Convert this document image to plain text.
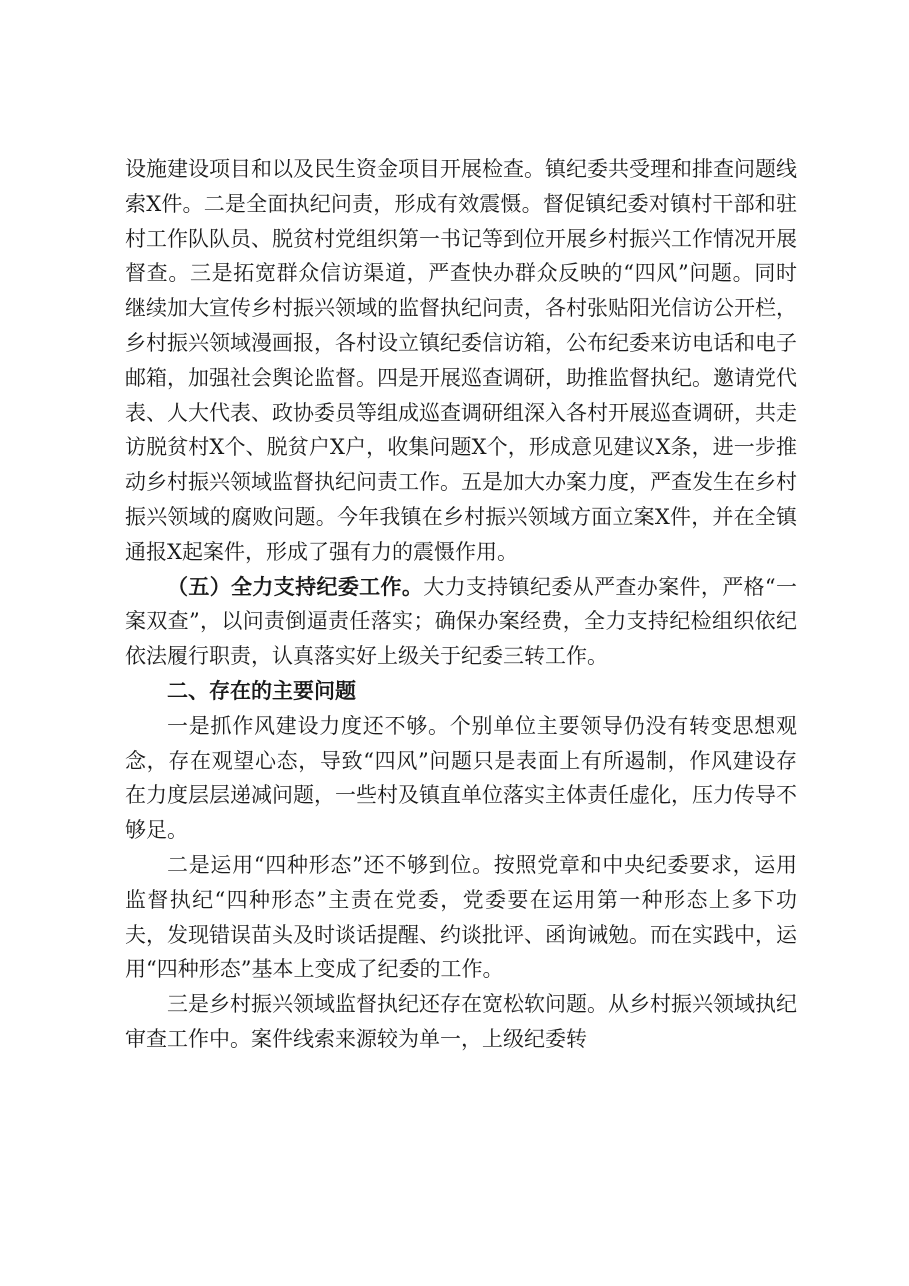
设施建设项目和以及民生资金项目开展检查。镇纪委共受理和排查问题线索X件。二是全面执纪问责，形成有效震慑。督促镇纪委对镇村干部和驻村工作队队员、脱贫村党组织第一书记等到位开展乡村振兴工作情况开展督查。三是拓宽群众信访渠道，严查快办群众反映的“四风”问题。同时继续加大宣传乡村振兴领域的监督执纪问责，各村张贴阳光信访公开栏，乡村振兴领域漫画报，各村设立镇纪委信访箱，公布纪委来访电话和电子邮箱，加强社会舆论监督。四是开展巡查调研，助推监督执纪。邀请党代表、人大代表、政协委员等组成巡查调研组深入各村开展巡查调研，共走访脱贫村X个、脱贫户X户，收集问题X个，形成意见建议X条，进一步推动乡村振兴领域监督执纪问责工作。五是加大办案力度，严查发生在乡村振兴领域的腐败问题。今年我镇在乡村振兴领域方面立案X件，并在全镇通报X起案件，形成了强有力的震慑作用。

（五）全力支持纪委工作。大力支持镇纪委从严查办案件，严格“一案双查”，以问责倒逼责任落实；确保办案经费，全力支持纪检组织依纪依法履行职责，认真落实好上级关于纪委三转工作。

二、存在的主要问题

一是抓作风建设力度还不够。个别单位主要领导仍没有转变思想观念，存在观望心态，导致“四风”问题只是表面上有所遏制，作风建设存在力度层层递减问题，一些村及镇直单位落实主体责任虚化，压力传导不够足。

二是运用“四种形态”还不够到位。按照党章和中央纪委要求，运用监督执纪“四种形态”主责在党委，党委要在运用第一种形态上多下功夫，发现错误苗头及时谈话提醒、约谈批评、函询诫勉。而在实践中，运用“四种形态”基本上变成了纪委的工作。

三是乡村振兴领域监督执纪还存在宽松软问题。从乡村振兴领域执纪审查工作中。案件线索来源较为单一，上级纪委转
